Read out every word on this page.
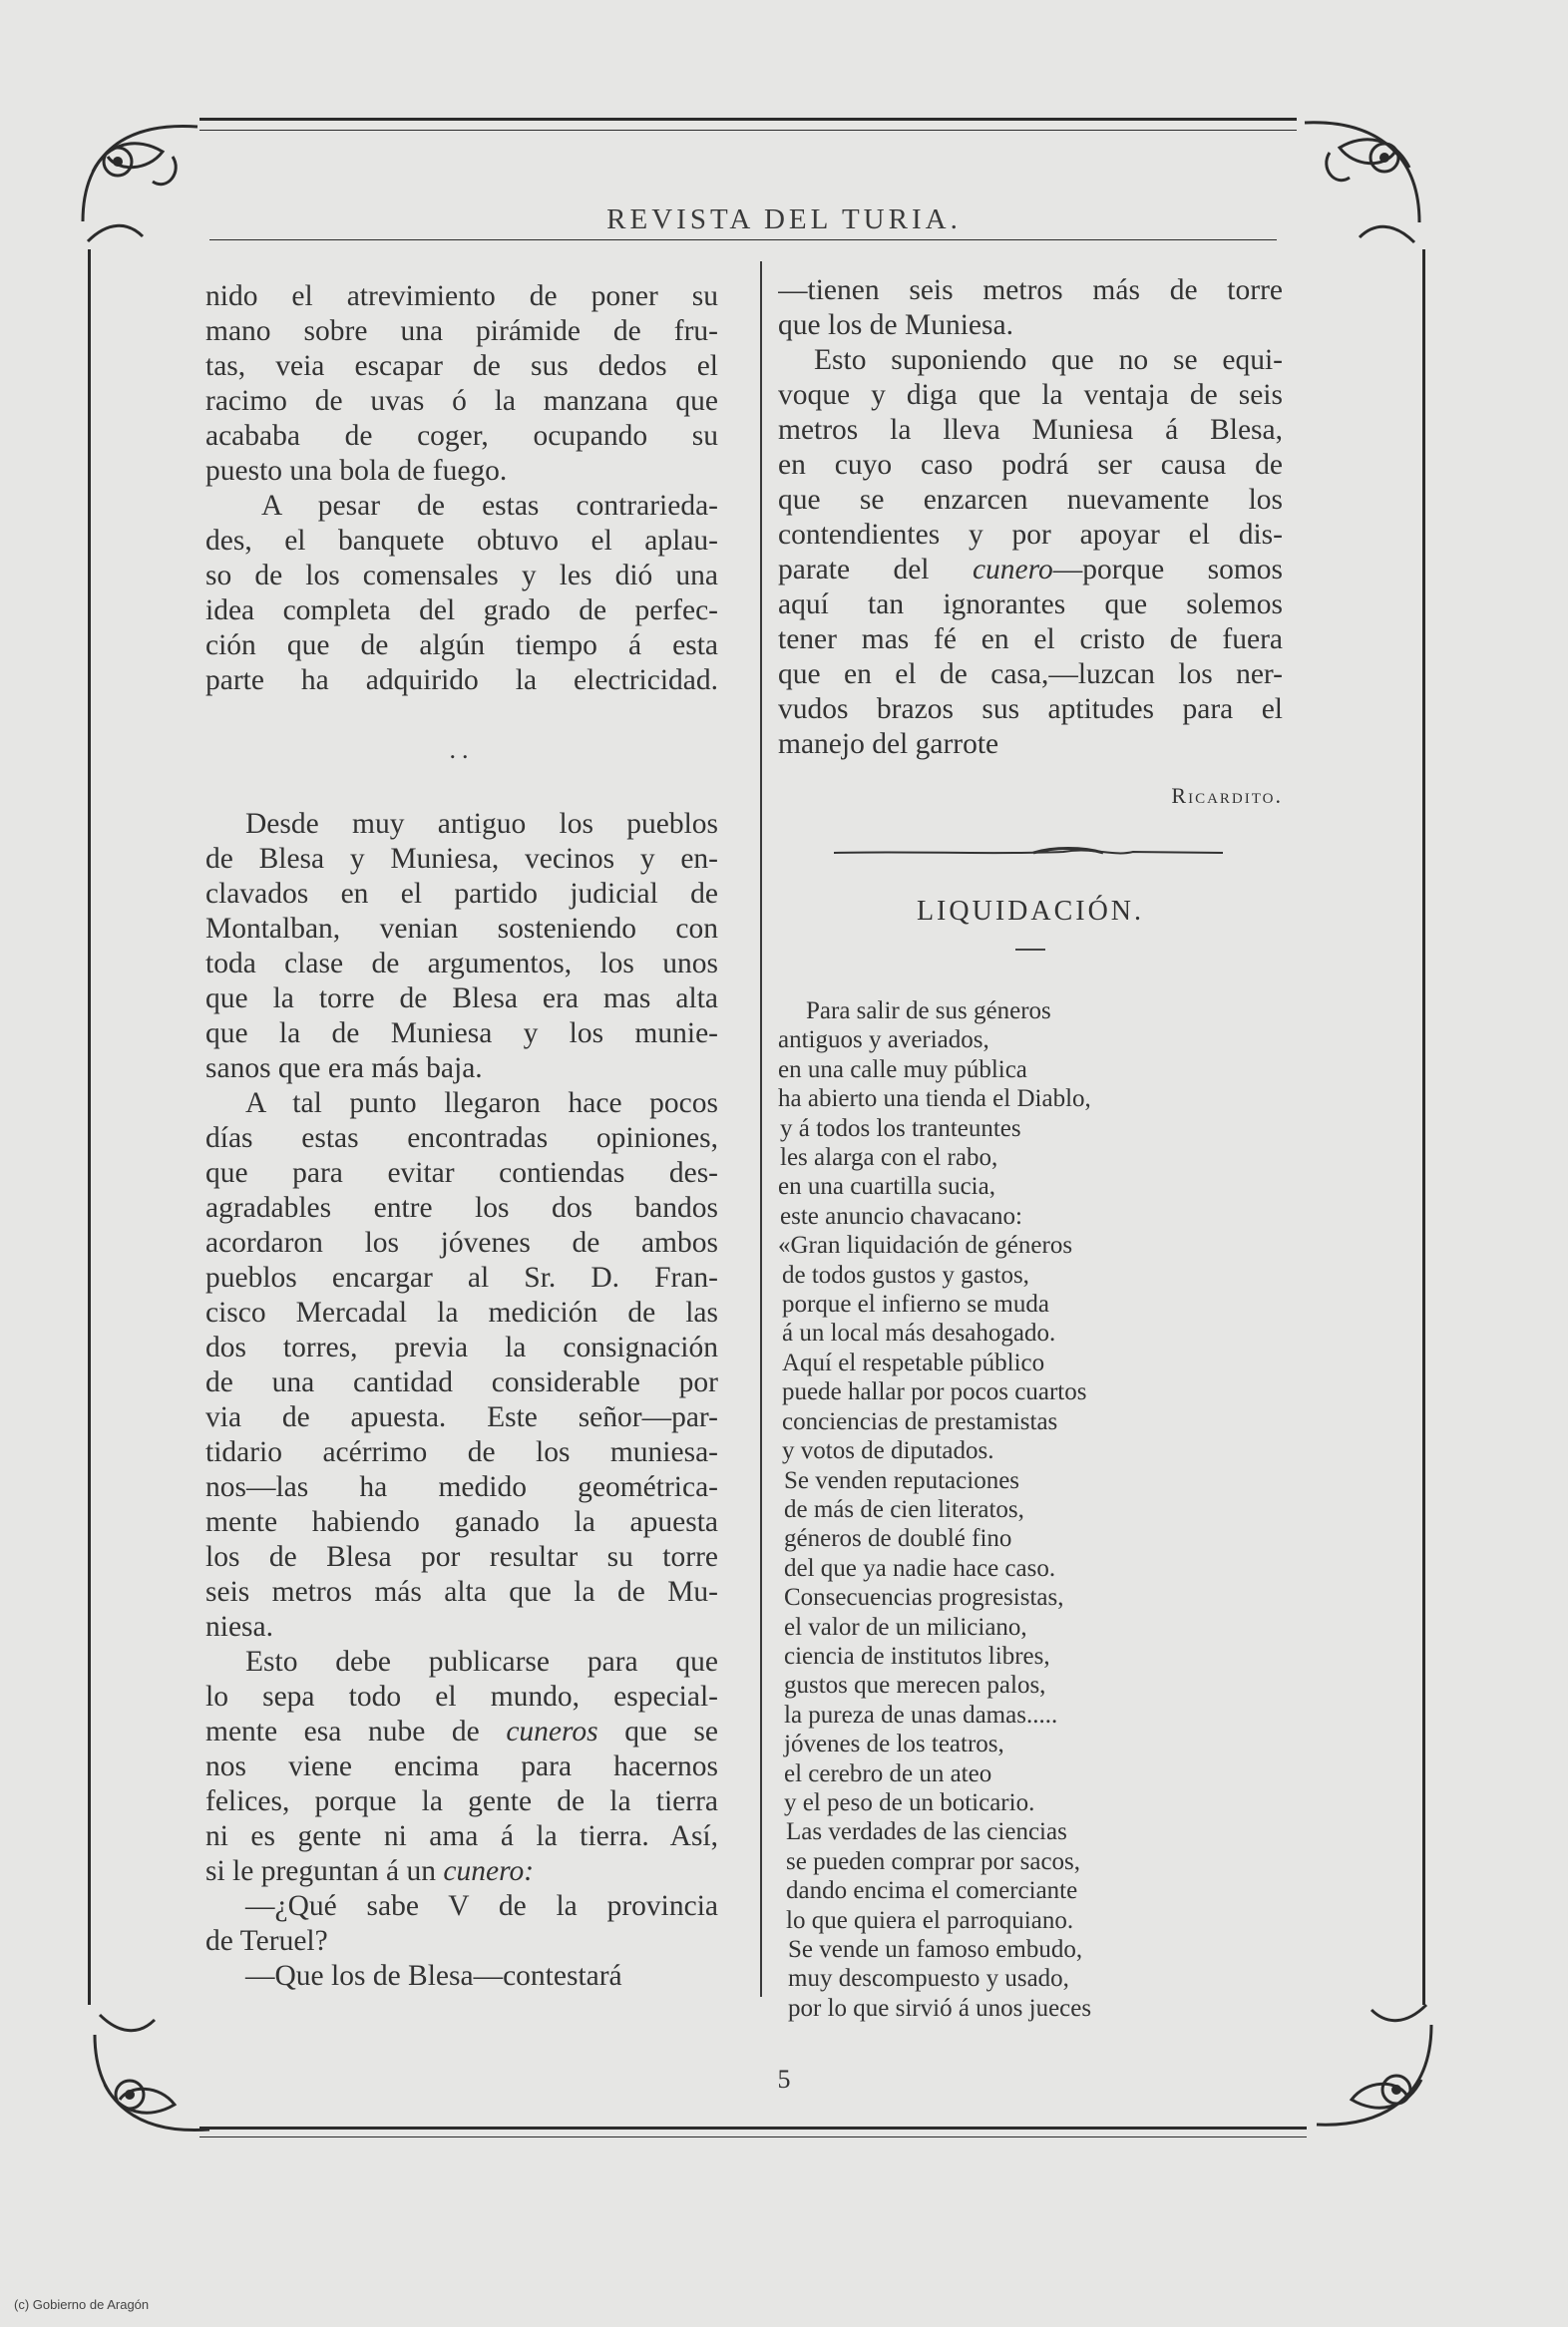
REVISTA DEL TURIA.

nido el atrevimiento de poner su
mano sobre una pirámide de fru-
tas, veia escapar de sus dedos el
racimo de uvas ó la manzana que
acababa de coger, ocupando su
puesto una bola de fuego.

A pesar de estas contrarieda-
des, el banquete obtuvo el aplau-
so de los comensales y les dió una
idea completa del grado de perfec-
ción que de algún tiempo á esta
parte ha adquirido la electricidad.

..

Desde muy antiguo los pueblos
de Blesa y Muniesa, vecinos y en-
clavados en el partido judicial de
Montalban, venian sosteniendo con
toda clase de argumentos, los unos
que la torre de Blesa era mas alta
que la de Muniesa y los munie-
sanos que era más baja.

A tal punto llegaron hace pocos
días estas encontradas opiniones,
que para evitar contiendas des-
agradables entre los dos bandos
acordaron los jóvenes de ambos
pueblos encargar al Sr. D. Fran-
cisco Mercadal la medición de las
dos torres, previa la consignación
de una cantidad considerable por
via de apuesta. Este señor—par-
tidario acérrimo de los muniesa-
nos—las ha medido geométrica-
mente habiendo ganado la apuesta
los de Blesa por resultar su torre
seis metros más alta que la de Mu-
niesa.

Esto debe publicarse para que
lo sepa todo el mundo, especial-
mente esa nube de cuneros que se
nos viene encima para hacernos
felices, porque la gente de la tierra
ni es gente ni ama á la tierra. Así,
si le preguntan á un cunero:

—¿Qué sabe V de la provincia
de Teruel?

—Que los de Blesa—contestará

—tienen seis metros más de torre
que los de Muniesa.

Esto suponiendo que no se equi-
voque y diga que la ventaja de seis
metros la lleva Muniesa á Blesa,
en cuyo caso podrá ser causa de
que se enzarcen nuevamente los
contendientes y por apoyar el dis-
parate del cunero—porque somos
aquí tan ignorantes que solemos
tener mas fé en el cristo de fuera
que en el de casa,—luzcan los ner-
vudos brazos sus aptitudes para el
manejo del garrote

Ricardito.
LIQUIDACIÓN.
Para salir de sus géneros
antiguos y averiados,
en una calle muy pública
ha abierto una tienda el Diablo,
y á todos los tranteuntes
les alarga con el rabo,
en una cuartilla sucia,
este anuncio chavacano:
«Gran liquidación de géneros
de todos gustos y gastos,
porque el infierno se muda
á un local más desahogado.
Aquí el respetable público
puede hallar por pocos cuartos
conciencias de prestamistas
y votos de diputados.
Se venden reputaciones
de más de cien literatos,
géneros de doublé fino
del que ya nadie hace caso.
Consecuencias progresistas,
el valor de un miliciano,
ciencia de institutos libres,
gustos que merecen palos,
la pureza de unas damas.....
jóvenes de los teatros,
el cerebro de un ateo
y el peso de un boticario.
Las verdades de las ciencias
se pueden comprar por sacos,
dando encima el comerciante
lo que quiera el parroquiano.
Se vende un famoso embudo,
muy descompuesto y usado,
por lo que sirvió á unos jueces
5
(c) Gobierno de Aragón
